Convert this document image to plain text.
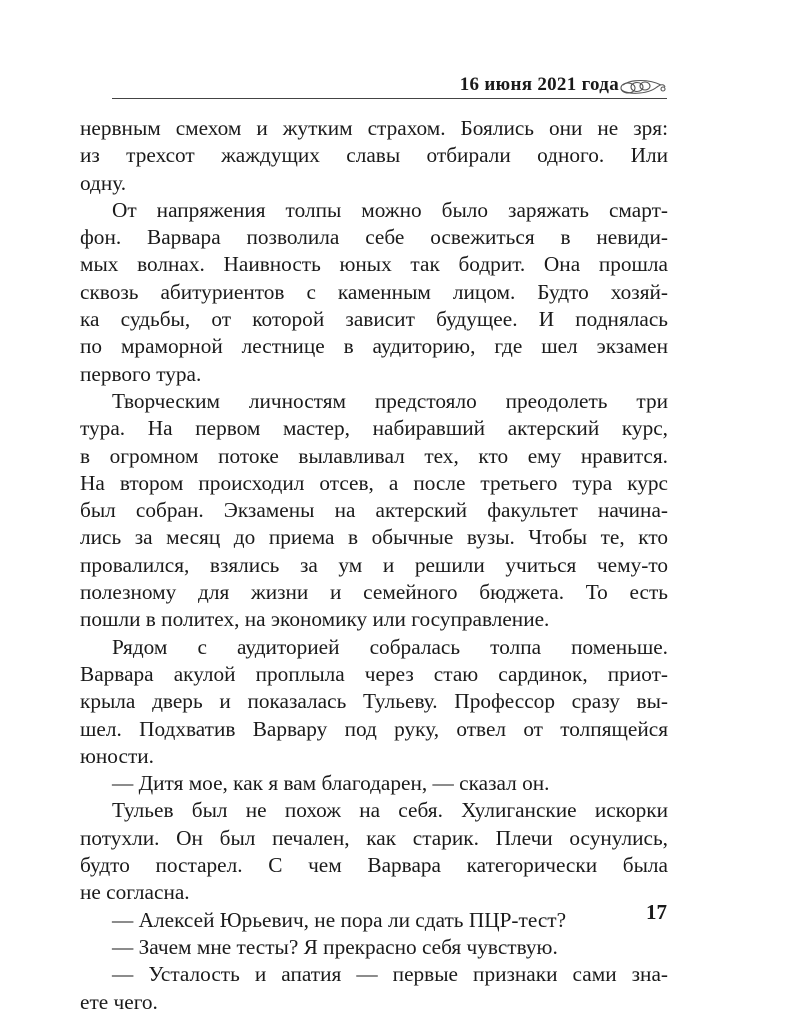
16 июня 2021 года
нервным смехом и жутким страхом. Боялись они не зря:
из трехсот жаждущих славы отбирали одного. Или
одну.
От напряжения толпы можно было заряжать смарт-
фон. Варвара позволила себе освежиться в невиди-
мых волнах. Наивность юных так бодрит. Она прошла
сквозь абитуриентов с каменным лицом. Будто хозяй-
ка судьбы, от которой зависит будущее. И поднялась
по мраморной лестнице в аудиторию, где шел экзамен
первого тура.
Творческим личностям предстояло преодолеть три
тура. На первом мастер, набиравший актерский курс,
в огромном потоке вылавливал тех, кто ему нравится.
На втором происходил отсев, а после третьего тура курс
был собран. Экзамены на актерский факультет начина-
лись за месяц до приема в обычные вузы. Чтобы те, кто
провалился, взялись за ум и решили учиться чему-то
полезному для жизни и семейного бюджета. То есть
пошли в политех, на экономику или госуправление.
Рядом с аудиторией собралась толпа поменьше.
Варвара акулой проплыла через стаю сардинок, приот-
крыла дверь и показалась Тульеву. Профессор сразу вы-
шел. Подхватив Варвару под руку, отвел от толпящейся
юности.
— Дитя мое, как я вам благодарен, — сказал он.
Тульев был не похож на себя. Хулиганские искорки
потухли. Он был печален, как старик. Плечи осунулись,
будто постарел. С чем Варвара категорически была
не согласна.
— Алексей Юрьевич, не пора ли сдать ПЦР-тест?
— Зачем мне тесты? Я прекрасно себя чувствую.
— Усталость и апатия — первые признаки сами зна-
ете чего.
17
